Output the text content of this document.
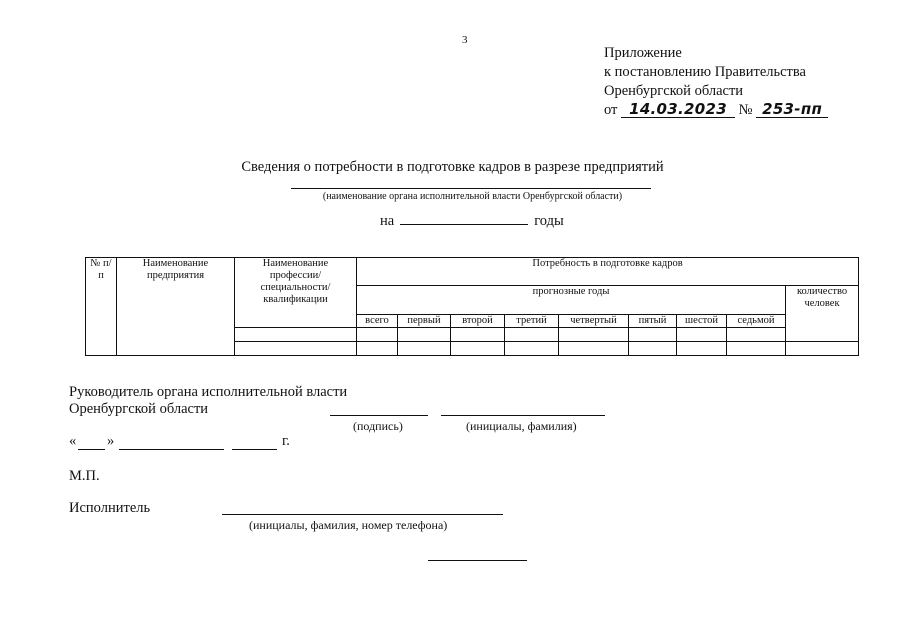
3
Приложение
к постановлению Правительства
Оренбургской области
от 14.03.2023 № 253-пп
Сведения о потребности в подготовке кадров в разрезе предприятий
(наименование органа исполнительной власти Оренбургской области)
на	годы
№ п/п	Наименование предприятия	Наименование профессии/ специальности/ квалификации	Потребность в подготовке кадров								
			прогнозные годы								количество человек
			всего	первый	второй	третий	четвертый	пятый	шестой	седьмой	

Руководитель органа исполнительной власти
Оренбургской области
(подпись)	(инициалы, фамилия)
« »	г.
М.П.
Исполнитель
(инициалы, фамилия, номер телефона)
